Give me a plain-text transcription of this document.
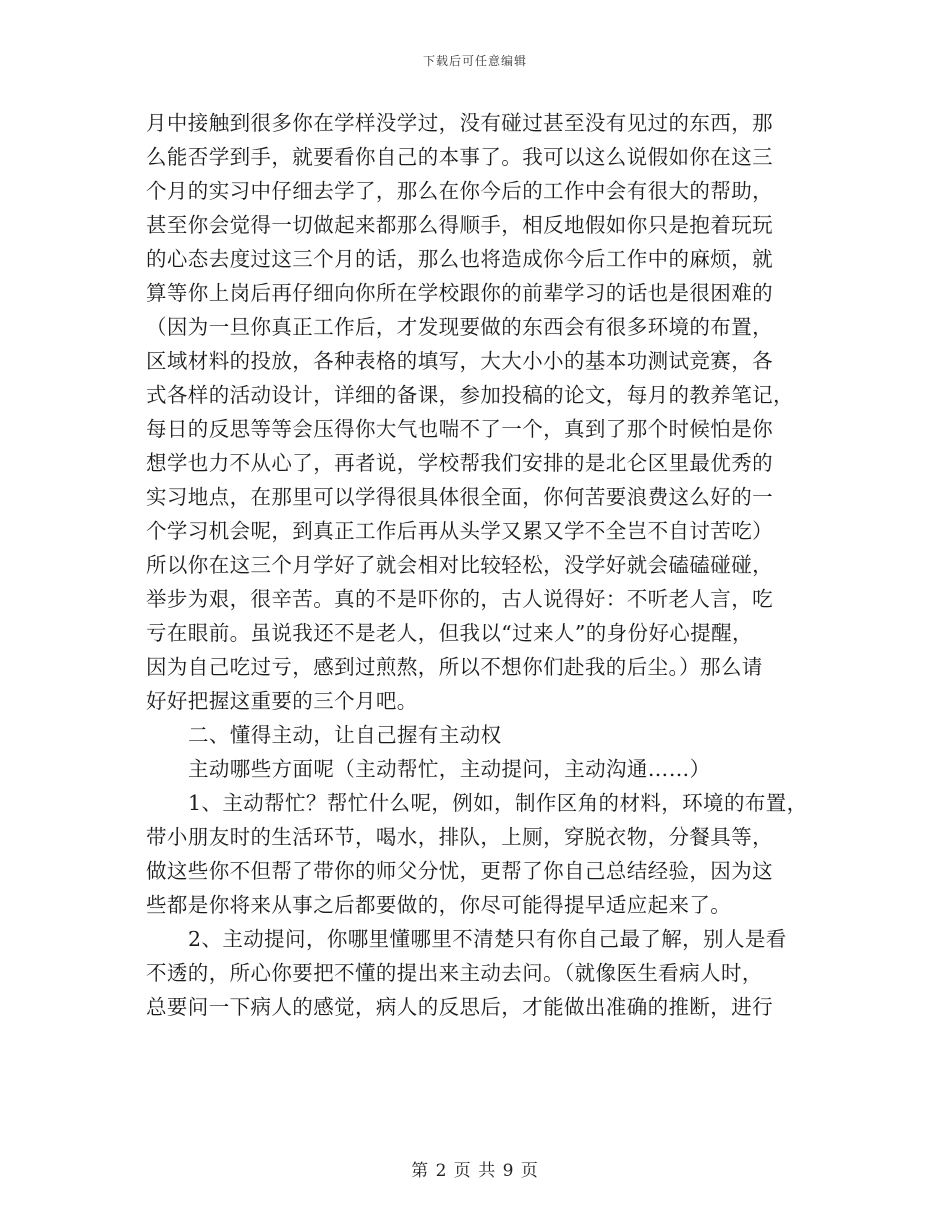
下载后可任意编辑
月中接触到很多你在学样没学过，没有碰过甚至没有见过的东西，那
么能否学到手，就要看你自己的本事了。我可以这么说假如你在这三
个月的实习中仔细去学了，那么在你今后的工作中会有很大的帮助，
甚至你会觉得一切做起来都那么得顺手，相反地假如你只是抱着玩玩
的心态去度过这三个月的话，那么也将造成你今后工作中的麻烦，就
算等你上岗后再仔细向你所在学校跟你的前辈学习的话也是很困难的
（因为一旦你真正工作后，才发现要做的东西会有很多环境的布置，
区域材料的投放，各种表格的填写，大大小小的基本功测试竞赛，各
式各样的活动设计，详细的备课，参加投稿的论文，每月的教养笔记，
每日的反思等等会压得你大气也喘不了一个，真到了那个时候怕是你
想学也力不从心了，再者说，学校帮我们安排的是北仑区里最优秀的
实习地点，在那里可以学得很具体很全面，你何苦要浪费这么好的一
个学习机会呢，到真正工作后再从头学又累又学不全岂不自讨苦吃）
所以你在这三个月学好了就会相对比较轻松，没学好就会磕磕碰碰，
举步为艰，很辛苦。真的不是吓你的，古人说得好：不听老人言，吃
亏在眼前。虽说我还不是老人，但我以“过来人”的身份好心提醒，
因为自己吃过亏，感到过煎熬，所以不想你们赴我的后尘。）那么请
好好把握这重要的三个月吧。
二、懂得主动，让自己握有主动权
主动哪些方面呢（主动帮忙，主动提问，主动沟通……）
1、主动帮忙？帮忙什么呢，例如，制作区角的材料，环境的布置，
带小朋友时的生活环节，喝水，排队，上厕，穿脱衣物，分餐具等，
做这些你不但帮了带你的师父分忧，更帮了你自己总结经验，因为这
些都是你将来从事之后都要做的，你尽可能得提早适应起来了。
2、主动提问，你哪里懂哪里不清楚只有你自己最了解，别人是看
不透的，所心你要把不懂的提出来主动去问。（就像医生看病人时，
总要问一下病人的感觉，病人的反思后，才能做出准确的推断，进行
第 2 页 共 9 页
